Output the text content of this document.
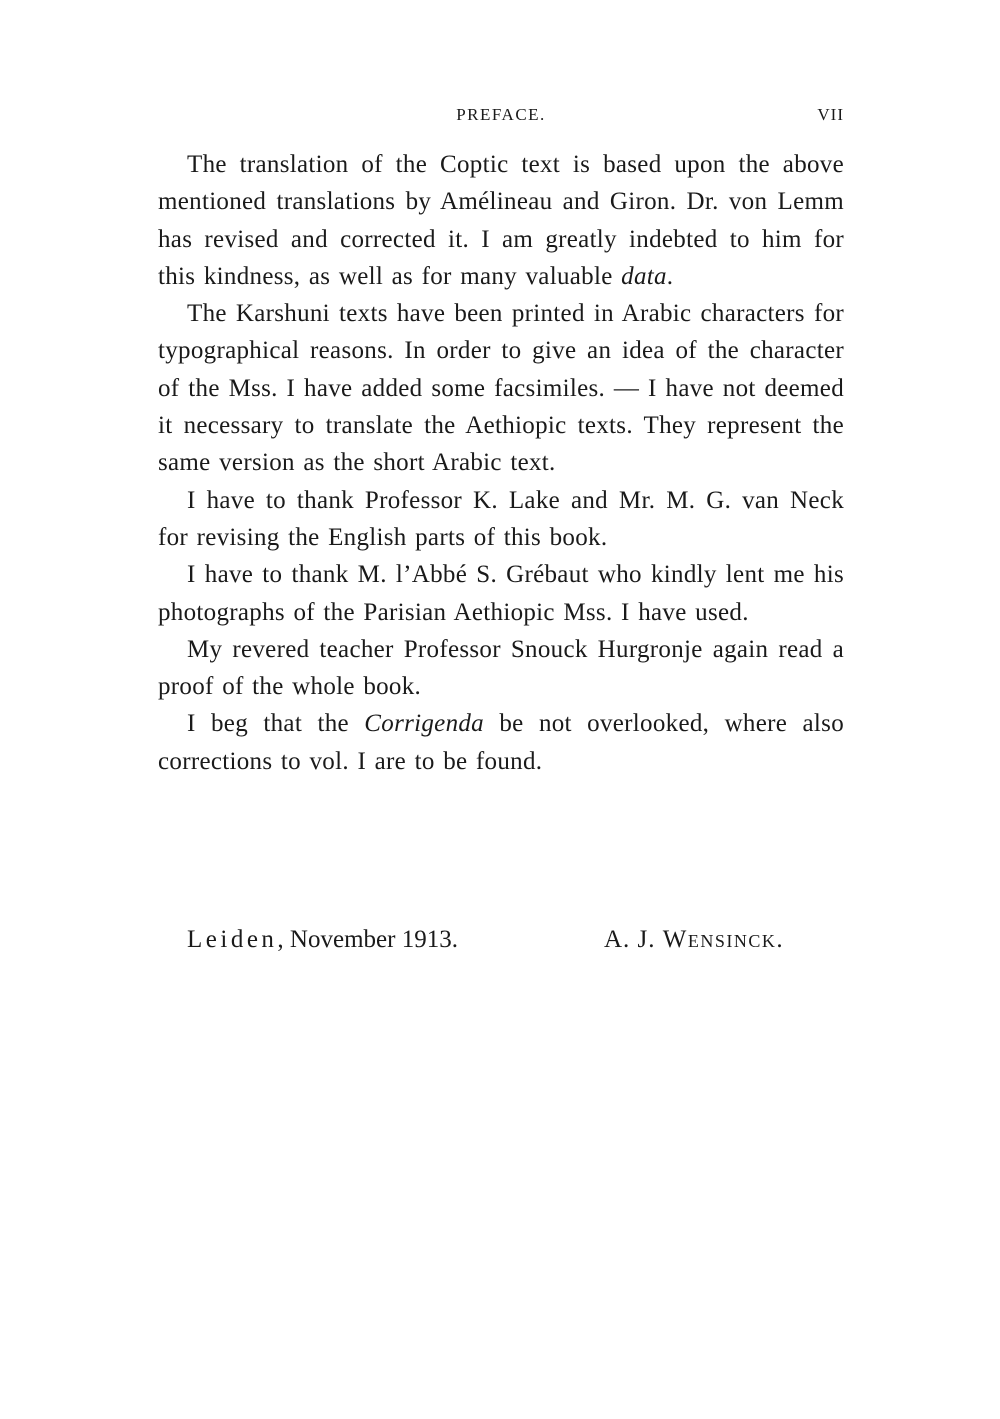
PREFACE.	VII

The translation of the Coptic text is based upon the above mentioned translations by Amélineau and Giron. Dr. von Lemm has revised and corrected it. I am greatly indebted to him for this kindness, as well as for many valuable data.

The Karshuni texts have been printed in Arabic characters for typographical reasons. In order to give an idea of the character of the Mss. I have added some facsimiles. — I have not deemed it necessary to translate the Aethiopic texts. They represent the same version as the short Arabic text.

I have to thank Professor K. Lake and Mr. M. G. van Neck for revising the English parts of this book.

I have to thank M. l’Abbé S. Grébaut who kindly lent me his photographs of the Parisian Aethiopic Mss. I have used.

My revered teacher Professor Snouck Hurgronje again read a proof of the whole book.

I beg that the Corrigenda be not overlooked, where also corrections to vol. I are to be found.

Leiden, November 1913.	A. J. Wensinck.
